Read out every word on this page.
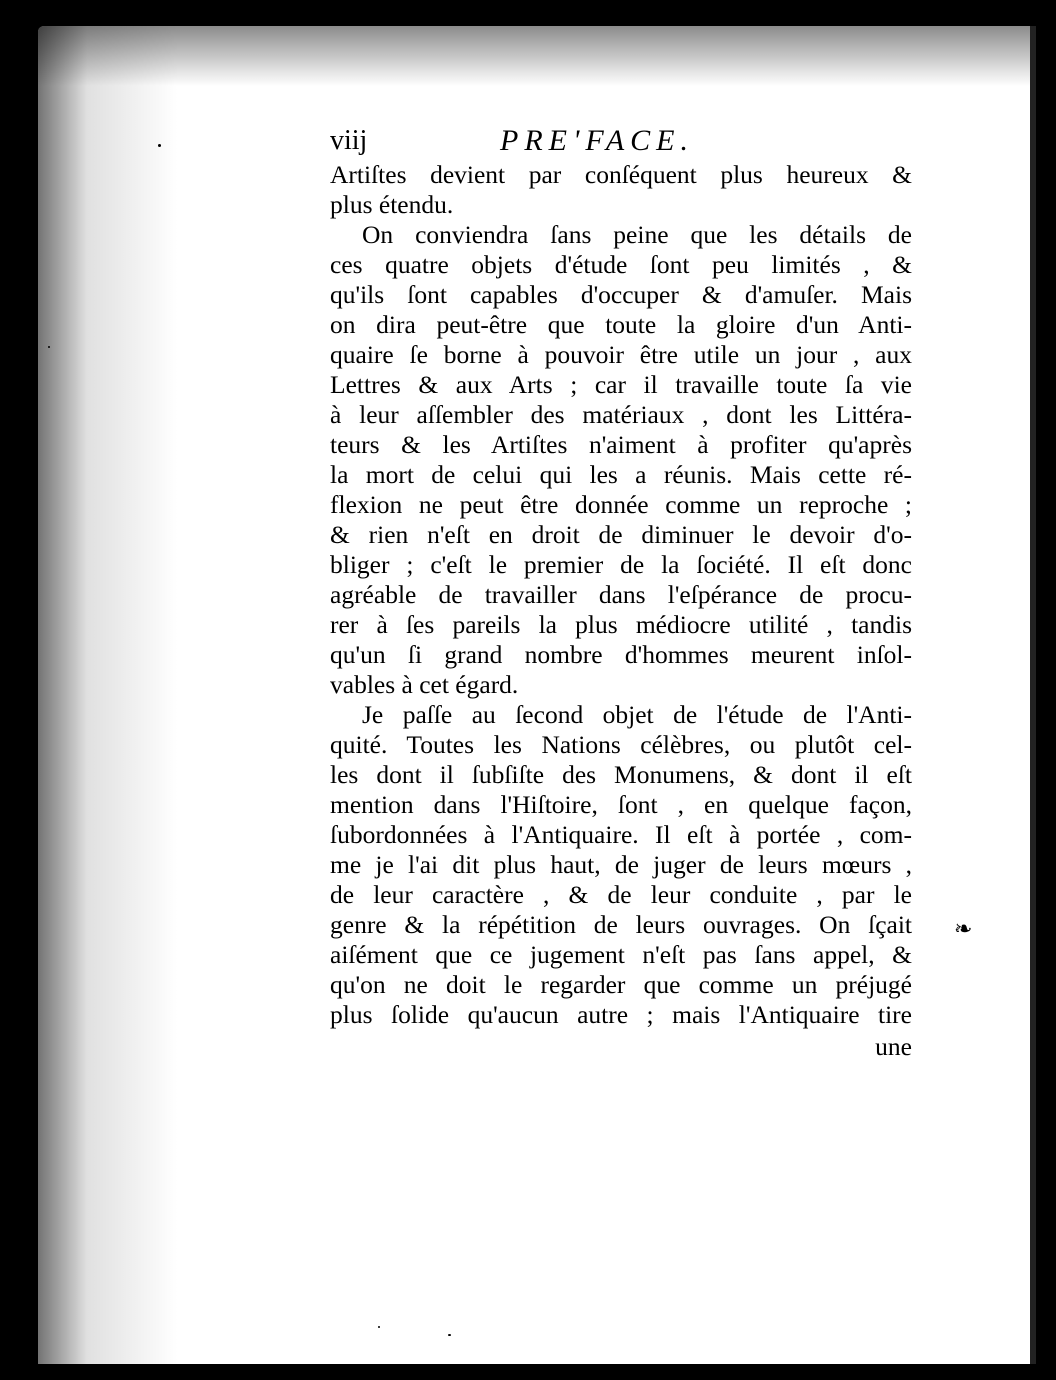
❧
viij	PRE'FACE.
Artiſtes devient par conſéquent plus heureux &
plus étendu.
On conviendra ſans peine que les détails de
ces quatre objets d'étude ſont peu limités , &
qu'ils ſont capables d'occuper & d'amuſer. Mais
on dira peut-être que toute la gloire d'un Anti-
quaire ſe borne à pouvoir être utile un jour , aux
Lettres & aux Arts ; car il travaille toute ſa vie
à leur aſſembler des matériaux , dont les Littéra-
teurs & les Artiſtes n'aiment à profiter qu'après
la mort de celui qui les a réunis. Mais cette ré-
flexion ne peut être donnée comme un reproche ;
& rien n'eſt en droit de diminuer le devoir d'o-
bliger ; c'eſt le premier de la ſociété. Il eſt donc
agréable de travailler dans l'eſpérance de procu-
rer à ſes pareils la plus médiocre utilité , tandis
qu'un ſi grand nombre d'hommes meurent inſol-
vables à cet égard.
Je paſſe au ſecond objet de l'étude de l'Anti-
quité. Toutes les Nations célèbres, ou plutôt cel-
les dont il ſubſiſte des Monumens, & dont il eſt
mention dans l'Hiſtoire, ſont , en quelque façon,
ſubordonnées à l'Antiquaire. Il eſt à portée , com-
me je l'ai dit plus haut, de juger de leurs mœurs ,
de leur caractère , & de leur conduite , par le
genre & la répétition de leurs ouvrages. On ſçait
aiſément que ce jugement n'eſt pas ſans appel, &
qu'on ne doit le regarder que comme un préjugé
plus ſolide qu'aucun autre ; mais l'Antiquaire tire
une
